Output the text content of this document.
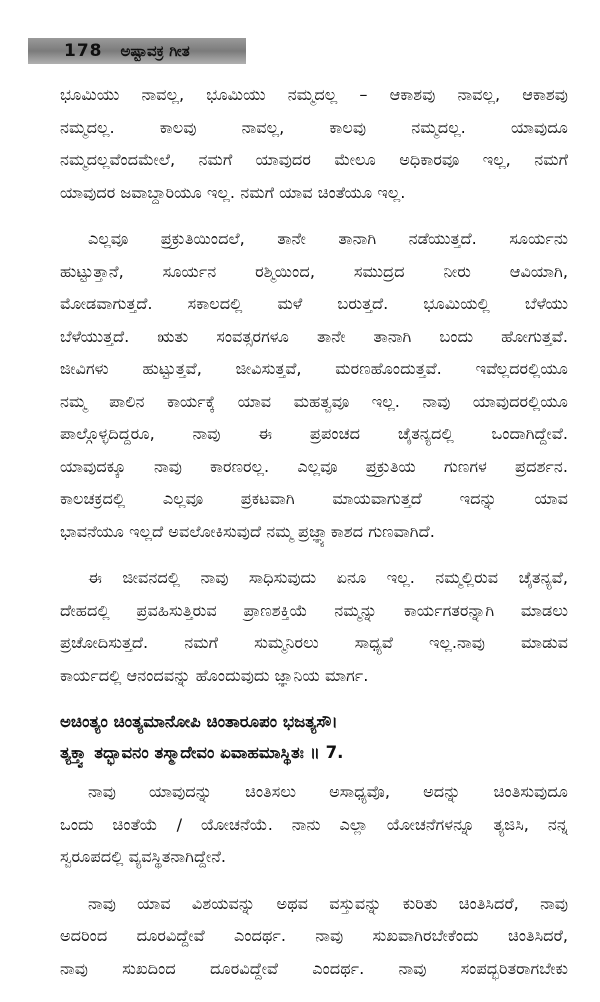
178 ಅಷ್ಟಾವಕ್ರ ಗೀತ
ಭೂಮಿಯು ನಾವಲ್ಲ, ಭೂಮಿಯು ನಮ್ಮದಲ್ಲ – ಆಕಾಶವು ನಾವಲ್ಲ, ಆಕಾಶವು
ನಮ್ಮದಲ್ಲ. ಕಾಲವು ನಾವಲ್ಲ, ಕಾಲವು ನಮ್ಮದಲ್ಲ. ಯಾವುದೂ
ನಮ್ಮದಲ್ಲವೆಂದಮೇಲೆ, ನಮಗೆ ಯಾವುದರ ಮೇಲೂ ಅಧಿಕಾರವೂ ಇಲ್ಲ, ನಮಗೆ
ಯಾವುದರ ಜವಾಬ್ದಾರಿಯೂ ಇಲ್ಲ. ನಮಗೆ ಯಾವ ಚಿಂತೆಯೂ ಇಲ್ಲ.
ಎಲ್ಲವೂ ಪ್ರಕ್ರುತಿಯಿಂದಲೆ, ತಾನೇ ತಾನಾಗಿ ನಡೆಯುತ್ತದೆ. ಸೂರ್ಯನು
ಹುಟ್ಟುತ್ತಾನೆ, ಸೂರ್ಯನ ರಶ್ಮಿಯಿಂದ, ಸಮುದ್ರದ ನೀರು ಆವಿಯಾಗಿ,
ಮೋಡವಾಗುತ್ತದೆ. ಸಕಾಲದಲ್ಲಿ ಮಳೆ ಬರುತ್ತದೆ. ಭೂಮಿಯಲ್ಲಿ ಬೆಳೆಯು
ಬೆಳೆಯುತ್ತದೆ. ಋತು ಸಂವತ್ಸರಗಳೂ ತಾನೇ ತಾನಾಗಿ ಬಂದು ಹೋಗುತ್ತವೆ.
ಜೀವಿಗಳು ಹುಟ್ಟುತ್ತವೆ, ಜೀವಿಸುತ್ತವೆ, ಮರಣಹೊಂದುತ್ತವೆ. ಇವೆಲ್ಲದರಲ್ಲಿಯೂ
ನಮ್ಮ ಪಾಲಿನ ಕಾರ್ಯಕ್ಕೆ ಯಾವ ಮಹತ್ವವೂ ಇಲ್ಲ. ನಾವು ಯಾವುದರಲ್ಲಿಯೂ
ಪಾಲ್ಗೊಳ್ಳದಿದ್ದರೂ, ನಾವು ಈ ಪ್ರಪಂಚದ ಚೈತನ್ಯದಲ್ಲಿ ಒಂದಾಗಿದ್ದೇವೆ.
ಯಾವುದಕ್ಕೂ ನಾವು ಕಾರಣರಲ್ಲ. ಎಲ್ಲವೂ ಪ್ರಕ್ರುತಿಯ ಗುಣಗಳ ಪ್ರದರ್ಶನ.
ಕಾಲಚಕ್ರದಲ್ಲಿ ಎಲ್ಲವೂ ಪ್ರಕಟವಾಗಿ ಮಾಯವಾಗುತ್ತದೆ ಇದನ್ನು ಯಾವ
ಭಾವನೆಯೂ ಇಲ್ಲದೆ ಅವಲೋಕಿಸುವುದೆ ನಮ್ಮ ಪ್ರಜ್ಞ್ಯಾಕಾಶದ ಗುಣವಾಗಿದೆ.
ಈ ಜೀವನದಲ್ಲಿ ನಾವು ಸಾಧಿಸುವುದು ಏನೂ ಇಲ್ಲ. ನಮ್ಮಲ್ಲಿರುವ ಚೈತನ್ಯವೆ,
ದೇಹದಲ್ಲಿ ಪ್ರವಹಿಸುತ್ತಿರುವ ಪ್ರಾಣಶಕ್ತಿಯೆ ನಮ್ಮನ್ನು ಕಾರ್ಯಗತರನ್ನಾಗಿ ಮಾಡಲು
ಪ್ರಚೋದಿಸುತ್ತದೆ. ನಮಗೆ ಸುಮ್ಮನಿರಲು ಸಾಧ್ಯವೆ ಇಲ್ಲ.ನಾವು ಮಾಡುವ
ಕಾರ್ಯದಲ್ಲಿ ಆನಂದವನ್ನು ಹೊಂದುವುದು ಜ್ಞಾನಿಯ ಮಾರ್ಗ.
ಅಚಿಂತ್ಯಂ ಚಿಂತ್ಯಮಾನೋಪಿ ಚಿಂತಾರೂಪಂ ಭಜತ್ಯಸೌ।
ತ್ಯಕ್ತ್ವಾ ತದ್ಭಾವನಂ ತಸ್ಮಾದೇವಂ ಏವಾಹಮಾಸ್ಥಿತಃ ॥ 7.
ನಾವು ಯಾವುದನ್ನು ಚಿಂತಿಸಲು ಅಸಾಧ್ಯವೊ, ಅದನ್ನು ಚಿಂತಿಸುವುದೂ
ಒಂದು ಚಿಂತೆಯೆ / ಯೋಚನೆಯೆ. ನಾನು ಎಲ್ಲಾ ಯೋಚನೆಗಳನ್ನೂ ತ್ಯಜಿಸಿ, ನನ್ನ
ಸ್ವರೂಪದಲ್ಲಿ ವ್ಯವಸ್ಥಿತನಾಗಿದ್ದೇನೆ.
ನಾವು ಯಾವ ವಿಶಯವನ್ನು ಅಥವ ವಸ್ತುವನ್ನು ಕುರಿತು ಚಿಂತಿಸಿದರೆ, ನಾವು
ಅದರಿಂದ ದೂರವಿದ್ದೇವೆ ಎಂದರ್ಥ. ನಾವು ಸುಖವಾಗಿರಬೇಕೆಂದು ಚಿಂತಿಸಿದರೆ,
ನಾವು ಸುಖದಿಂದ ದೂರವಿದ್ದೇವೆ ಎಂದರ್ಥ. ನಾವು ಸಂಪದ್ಭರಿತರಾಗಬೇಕು
